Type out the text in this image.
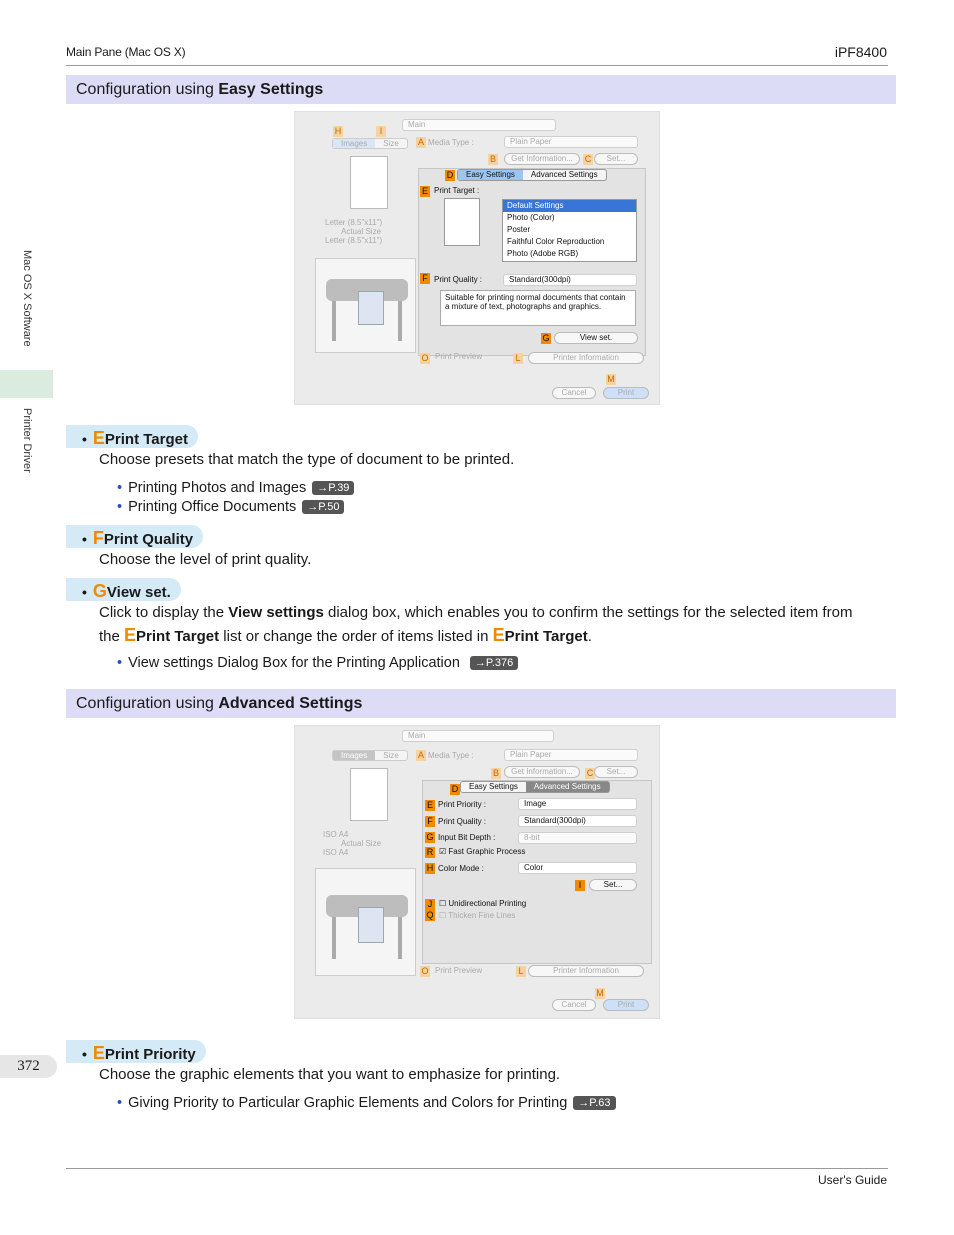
Main Pane (Mac OS X)	iPF8400
User's Guide
Mac OS X Software
Printer Driver
372
Configuration using Easy Settings
Main
H	I
Images	Size
Letter (8.5"x11")
Actual Size
Letter (8.5"x11")
A Media Type :	Plain Paper
B	Get Information...	C	Set...
D	Easy Settings	Advanced Settings
E Print Target :
Default Settings
Photo (Color)
Poster
Faithful Color Reproduction
Photo (Adobe RGB)
F Print Quality :	Standard(300dpi)
Suitable for printing normal documents that contain a mixture of text, photographs and graphics.
G	View set.
O Print Preview	L	Printer Information
M
Cancel	Print
• EPrint Target
Choose presets that match the type of document to be printed.
• Printing Photos and Images →P.39
• Printing Office Documents →P.50
• FPrint Quality
Choose the level of print quality.
• GView set.
Click to display the View settings dialog box, which enables you to confirm the settings for the selected item from
the EPrint Target list or change the order of items listed in EPrint Target.
• View settings Dialog Box for the Printing Application →P.376
Configuration using Advanced Settings
Main
Images	Size	A Media Type :	Plain Paper
B	Get Information...	C	Set...
ISO A4
Actual Size
ISO A4
D	Easy Settings	Advanced Settings
E Print Priority :	Image
F Print Quality :	Standard(300dpi)
G Input Bit Depth :	8-bit
R ☑ Fast Graphic Process
H Color Mode :	Color
I	Set...
J ☐ Unidirectional Printing
Q ☐ Thicken Fine Lines
O Print Preview	L	Printer Information
M
Cancel	Print
• EPrint Priority
Choose the graphic elements that you want to emphasize for printing.
• Giving Priority to Particular Graphic Elements and Colors for Printing →P.63
